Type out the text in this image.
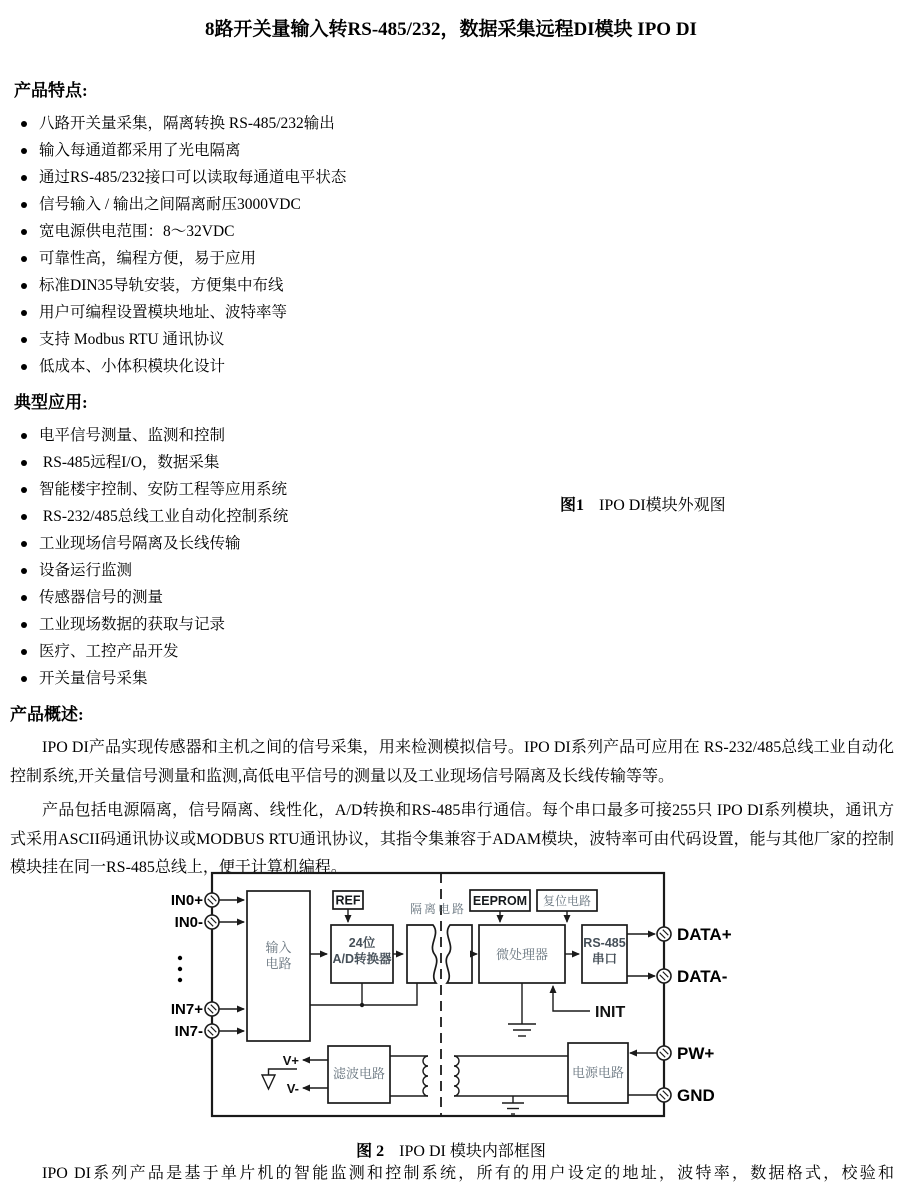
8路开关量输入转RS-485/232，数据采集远程DI模块 IPO DI
产品特点:
八路开关量采集，隔离转换 RS-485/232输出
输入每通道都采用了光电隔离
通过RS-485/232接口可以读取每通道电平状态
信号输入 / 输出之间隔离耐压3000VDC
宽电源供电范围：8～32VDC
可靠性高，编程方便，易于应用
标准DIN35导轨安装，方便集中布线
用户可编程设置模块地址、波特率等
支持 Modbus RTU 通讯协议
低成本、小体积模块化设计
典型应用:
电平信号测量、监测和控制
RS-485远程I/O，数据采集
智能楼宇控制、安防工程等应用系统
RS-232/485总线工业自动化控制系统
工业现场信号隔离及长线传输
设备运行监测
传感器信号的测量
工业现场数据的获取与记录
医疗、工控产品开发
开关量信号采集
图1 IPO DI模块外观图
产品概述:

IPO DI产品实现传感器和主机之间的信号采集，用来检测模拟信号。IPO DI系列产品可应用在 RS-232/485总线工业自动化控制系统,开关量信号测量和监测,高低电平信号的测量以及工业现场信号隔离及长线传输等等。

产品包括电源隔离，信号隔离、线性化，A/D转换和RS-485串行通信。每个串口最多可接255只 IPO DI系列模块，通讯方式采用ASCII码通讯协议或MODBUS RTU通讯协议，其指令集兼容于ADAM模块，波特率可由代码设置，能与其他厂家的控制模块挂在同一RS-485总线上，便于计算机编程。

IN0+
IN0-
IN7+
IN7-
DATA+
DATA-
PW+
GND
INIT
V+
V-
输入
电路
REF
24位
A/D转换器
隔离电路
EEPROM 复位电路
微处理器
RS-485
串口
滤波电路	电源电路
图 2 IPO DI 模块内部框图
IPO DI系列产品是基于单片机的智能监测和控制系统，所有的用户设定的地址，波特率，数据格式，校验和
